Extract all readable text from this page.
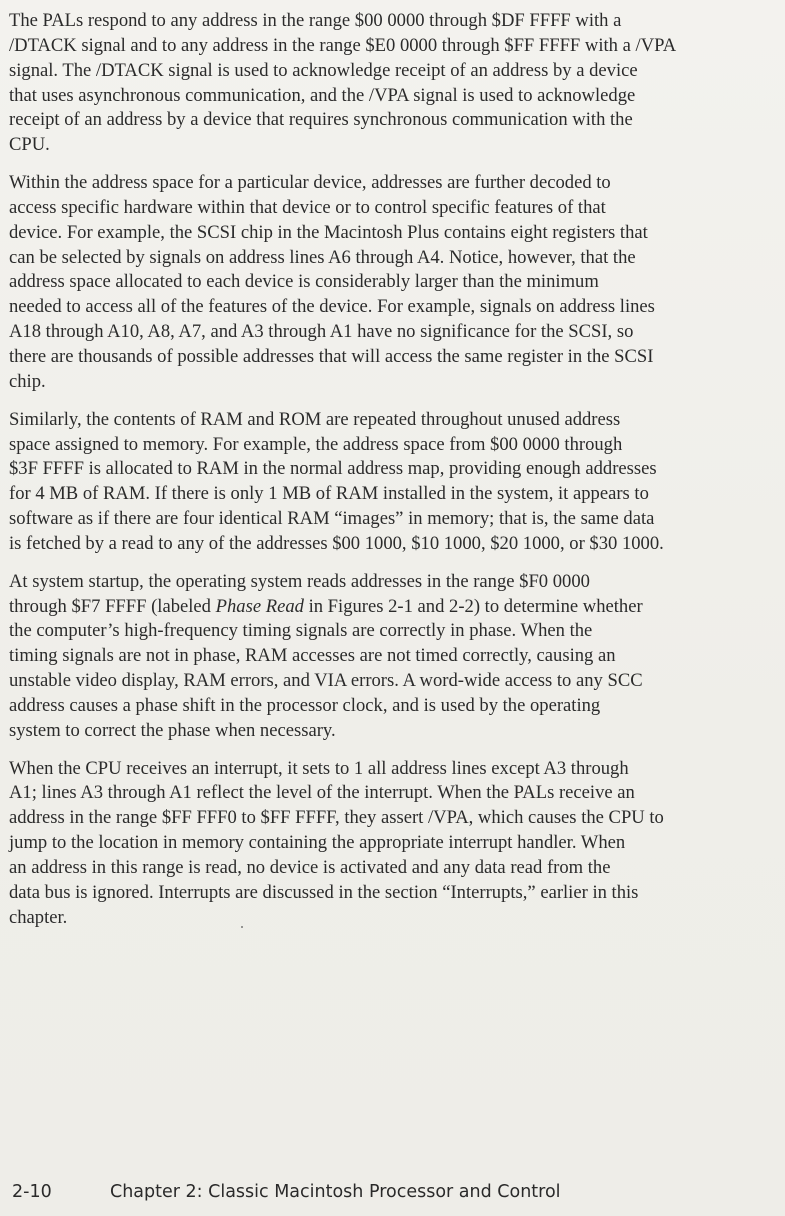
The PALs respond to any address in the range $00 0000 through $DF FFFF with a
/DTACK signal and to any address in the range $E0 0000 through $FF FFFF with a /VPA
signal. The /DTACK signal is used to acknowledge receipt of an address by a device
that uses asynchronous communication, and the /VPA signal is used to acknowledge
receipt of an address by a device that requires synchronous communication with the
CPU.

Within the address space for a particular device, addresses are further decoded to
access specific hardware within that device or to control specific features of that
device. For example, the SCSI chip in the Macintosh Plus contains eight registers that
can be selected by signals on address lines A6 through A4. Notice, however, that the
address space allocated to each device is considerably larger than the minimum
needed to access all of the features of the device. For example, signals on address lines
A18 through A10, A8, A7, and A3 through A1 have no significance for the SCSI, so
there are thousands of possible addresses that will access the same register in the SCSI
chip.

Similarly, the contents of RAM and ROM are repeated throughout unused address
space assigned to memory. For example, the address space from $00 0000 through
$3F FFFF is allocated to RAM in the normal address map, providing enough addresses
for 4 MB of RAM. If there is only 1 MB of RAM installed in the system, it appears to
software as if there are four identical RAM “images” in memory; that is, the same data
is fetched by a read to any of the addresses $00 1000, $10 1000, $20 1000, or $30 1000.

At system startup, the operating system reads addresses in the range $F0 0000
through $F7 FFFF (labeled Phase Read in Figures 2-1 and 2-2) to determine whether
the computer’s high-frequency timing signals are correctly in phase. When the
timing signals are not in phase, RAM accesses are not timed correctly, causing an
unstable video display, RAM errors, and VIA errors. A word-wide access to any SCC
address causes a phase shift in the processor clock, and is used by the operating
system to correct the phase when necessary.

When the CPU receives an interrupt, it sets to 1 all address lines except A3 through
A1; lines A3 through A1 reflect the level of the interrupt. When the PALs receive an
address in the range $FF FFF0 to $FF FFFF, they assert /VPA, which causes the CPU to
jump to the location in memory containing the appropriate interrupt handler. When
an address in this range is read, no device is activated and any data read from the
data bus is ignored. Interrupts are discussed in the section “Interrupts,” earlier in this
chapter.

2-10	Chapter 2: Classic Macintosh Processor and Control
